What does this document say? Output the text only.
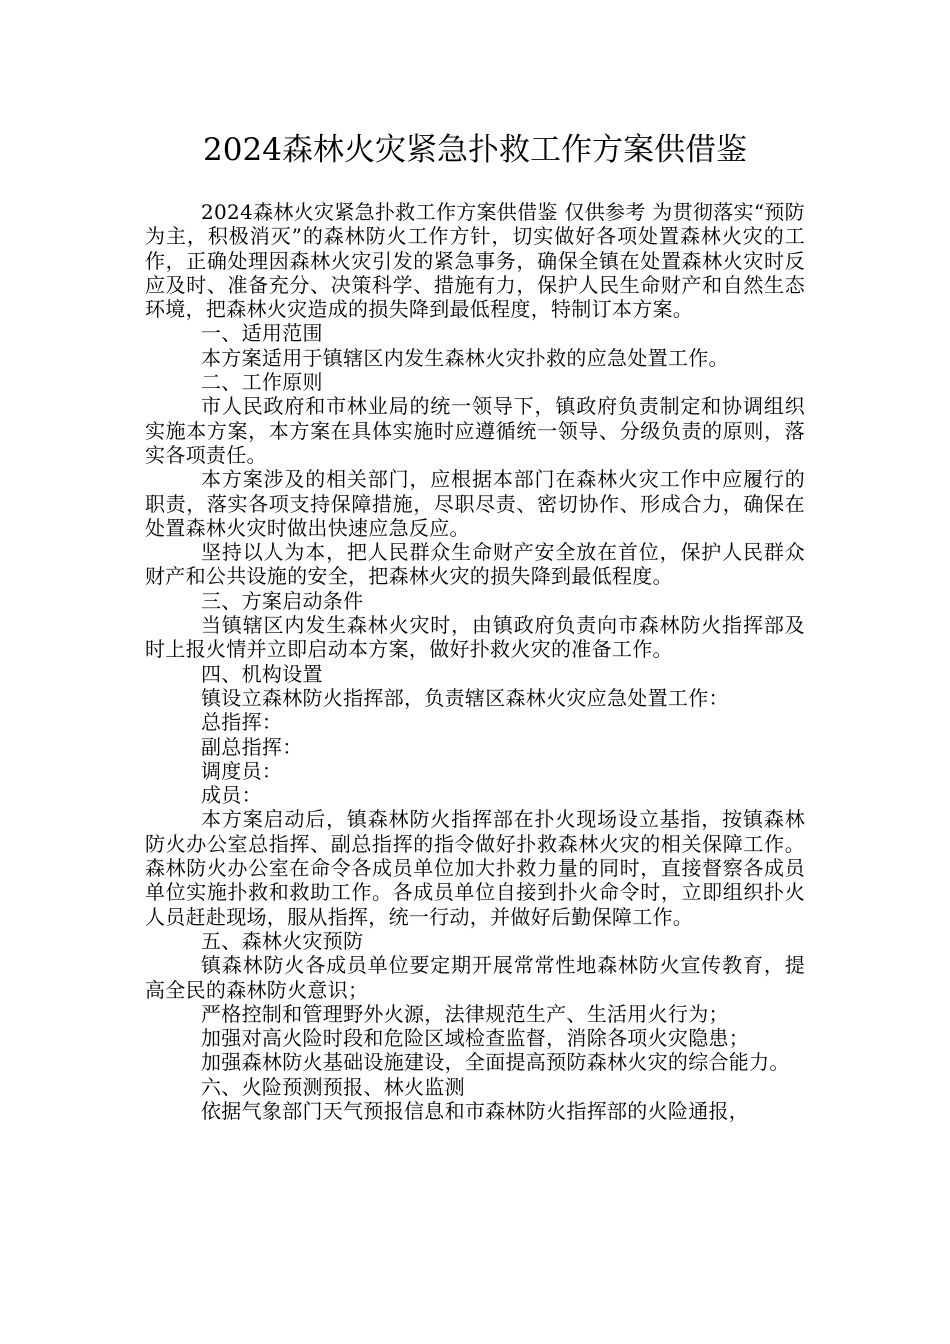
2024森林火灾紧急扑救工作方案供借鉴

2024森林火灾紧急扑救工作方案供借鉴 仅供参考 为贯彻落实“预防为主，积极消灭”的森林防火工作方针，切实做好各项处置森林火灾的工作，正确处理因森林火灾引发的紧急事务，确保全镇在处置森林火灾时反应及时、准备充分、决策科学、措施有力，保护人民生命财产和自然生态环境，把森林火灾造成的损失降到最低程度，特制订本方案。

一、适用范围

本方案适用于镇辖区内发生森林火灾扑救的应急处置工作。

二、工作原则

市人民政府和市林业局的统一领导下，镇政府负责制定和协调组织实施本方案，本方案在具体实施时应遵循统一领导、分级负责的原则，落实各项责任。

本方案涉及的相关部门，应根据本部门在森林火灾工作中应履行的职责，落实各项支持保障措施，尽职尽责、密切协作、形成合力，确保在处置森林火灾时做出快速应急反应。

坚持以人为本，把人民群众生命财产安全放在首位，保护人民群众财产和公共设施的安全，把森林火灾的损失降到最低程度。

三、方案启动条件

当镇辖区内发生森林火灾时，由镇政府负责向市森林防火指挥部及时上报火情并立即启动本方案，做好扑救火灾的准备工作。

四、机构设置

镇设立森林防火指挥部，负责辖区森林火灾应急处置工作：

总指挥：

副总指挥：

调度员：

成员：

本方案启动后，镇森林防火指挥部在扑火现场设立基指，按镇森林防火办公室总指挥、副总指挥的指令做好扑救森林火灾的相关保障工作。森林防火办公室在命令各成员单位加大扑救力量的同时，直接督察各成员单位实施扑救和救助工作。各成员单位自接到扑火命令时，立即组织扑火人员赶赴现场，服从指挥，统一行动，并做好后勤保障工作。

五、森林火灾预防

镇森林防火各成员单位要定期开展常常性地森林防火宣传教育，提高全民的森林防火意识；

严格控制和管理野外火源，法律规范生产、生活用火行为；

加强对高火险时段和危险区域检查监督，消除各项火灾隐患；

加强森林防火基础设施建设，全面提高预防森林火灾的综合能力。

六、火险预测预报、林火监测

依据气象部门天气预报信息和市森林防火指挥部的火险通报，
